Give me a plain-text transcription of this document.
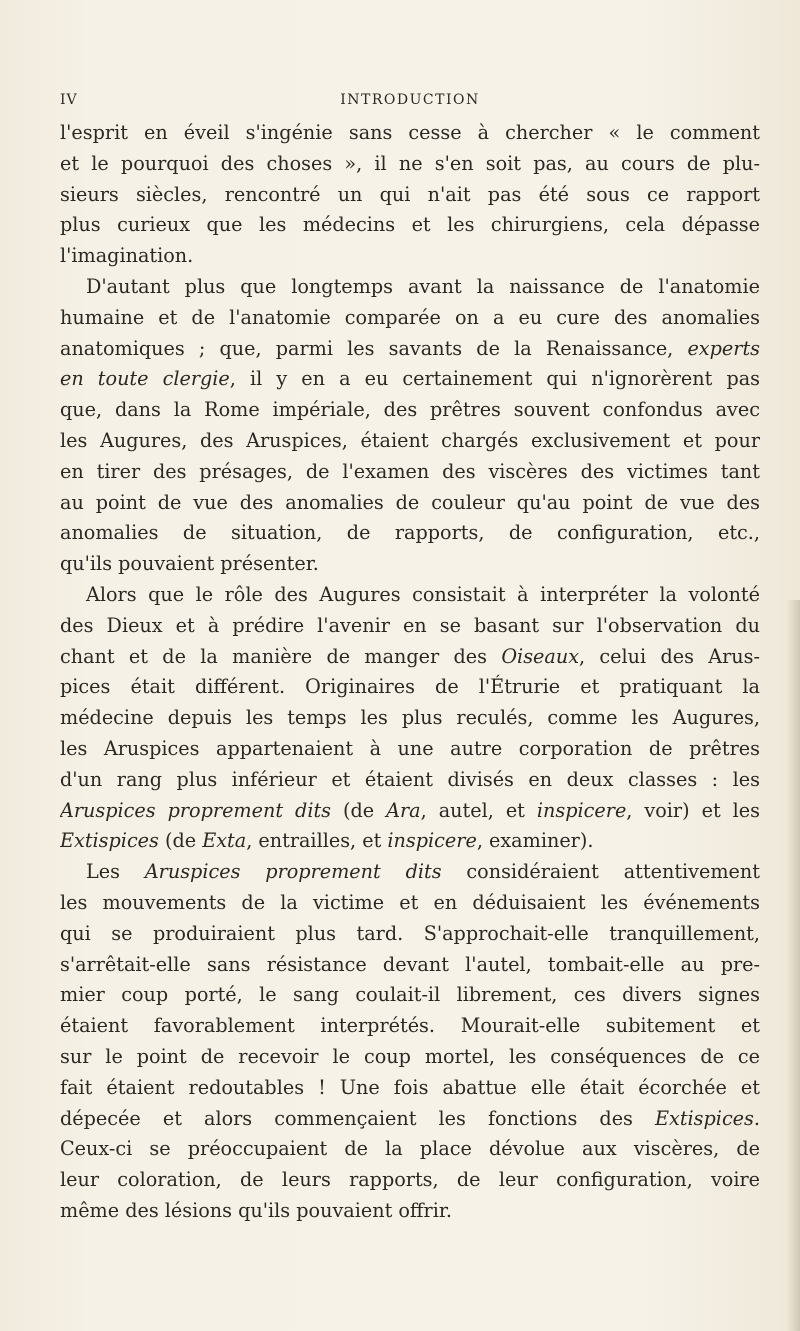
IV	INTRODUCTION
l'esprit en éveil s'ingénie sans cesse à chercher « le comment
et le pourquoi des choses », il ne s'en soit pas, au cours de plu-
sieurs siècles, rencontré un qui n'ait pas été sous ce rapport
plus curieux que les médecins et les chirurgiens, cela dépasse
l'imagination.
D'autant plus que longtemps avant la naissance de l'anatomie
humaine et de l'anatomie comparée on a eu cure des anomalies
anatomiques ; que, parmi les savants de la Renaissance, experts
en toute clergie, il y en a eu certainement qui n'ignorèrent pas
que, dans la Rome impériale, des prêtres souvent confondus avec
les Augures, des Aruspices, étaient chargés exclusivement et pour
en tirer des présages, de l'examen des viscères des victimes tant
au point de vue des anomalies de couleur qu'au point de vue des
anomalies de situation, de rapports, de configuration, etc.,
qu'ils pouvaient présenter.
Alors que le rôle des Augures consistait à interpréter la volonté
des Dieux et à prédire l'avenir en se basant sur l'observation du
chant et de la manière de manger des Oiseaux, celui des Arus-
pices était différent. Originaires de l'Étrurie et pratiquant la
médecine depuis les temps les plus reculés, comme les Augures,
les Aruspices appartenaient à une autre corporation de prêtres
d'un rang plus inférieur et étaient divisés en deux classes : les
Aruspices proprement dits (de Ara, autel, et inspicere, voir) et les
Extispices (de Exta, entrailles, et inspicere, examiner).
Les Aruspices proprement dits considéraient attentivement
les mouvements de la victime et en déduisaient les événements
qui se produiraient plus tard. S'approchait-elle tranquillement,
s'arrêtait-elle sans résistance devant l'autel, tombait-elle au pre-
mier coup porté, le sang coulait-il librement, ces divers signes
étaient favorablement interprétés. Mourait-elle subitement et
sur le point de recevoir le coup mortel, les conséquences de ce
fait étaient redoutables ! Une fois abattue elle était écorchée et
dépecée et alors commençaient les fonctions des Extispices.
Ceux-ci se préoccupaient de la place dévolue aux viscères, de
leur coloration, de leurs rapports, de leur configuration, voire
même des lésions qu'ils pouvaient offrir.
